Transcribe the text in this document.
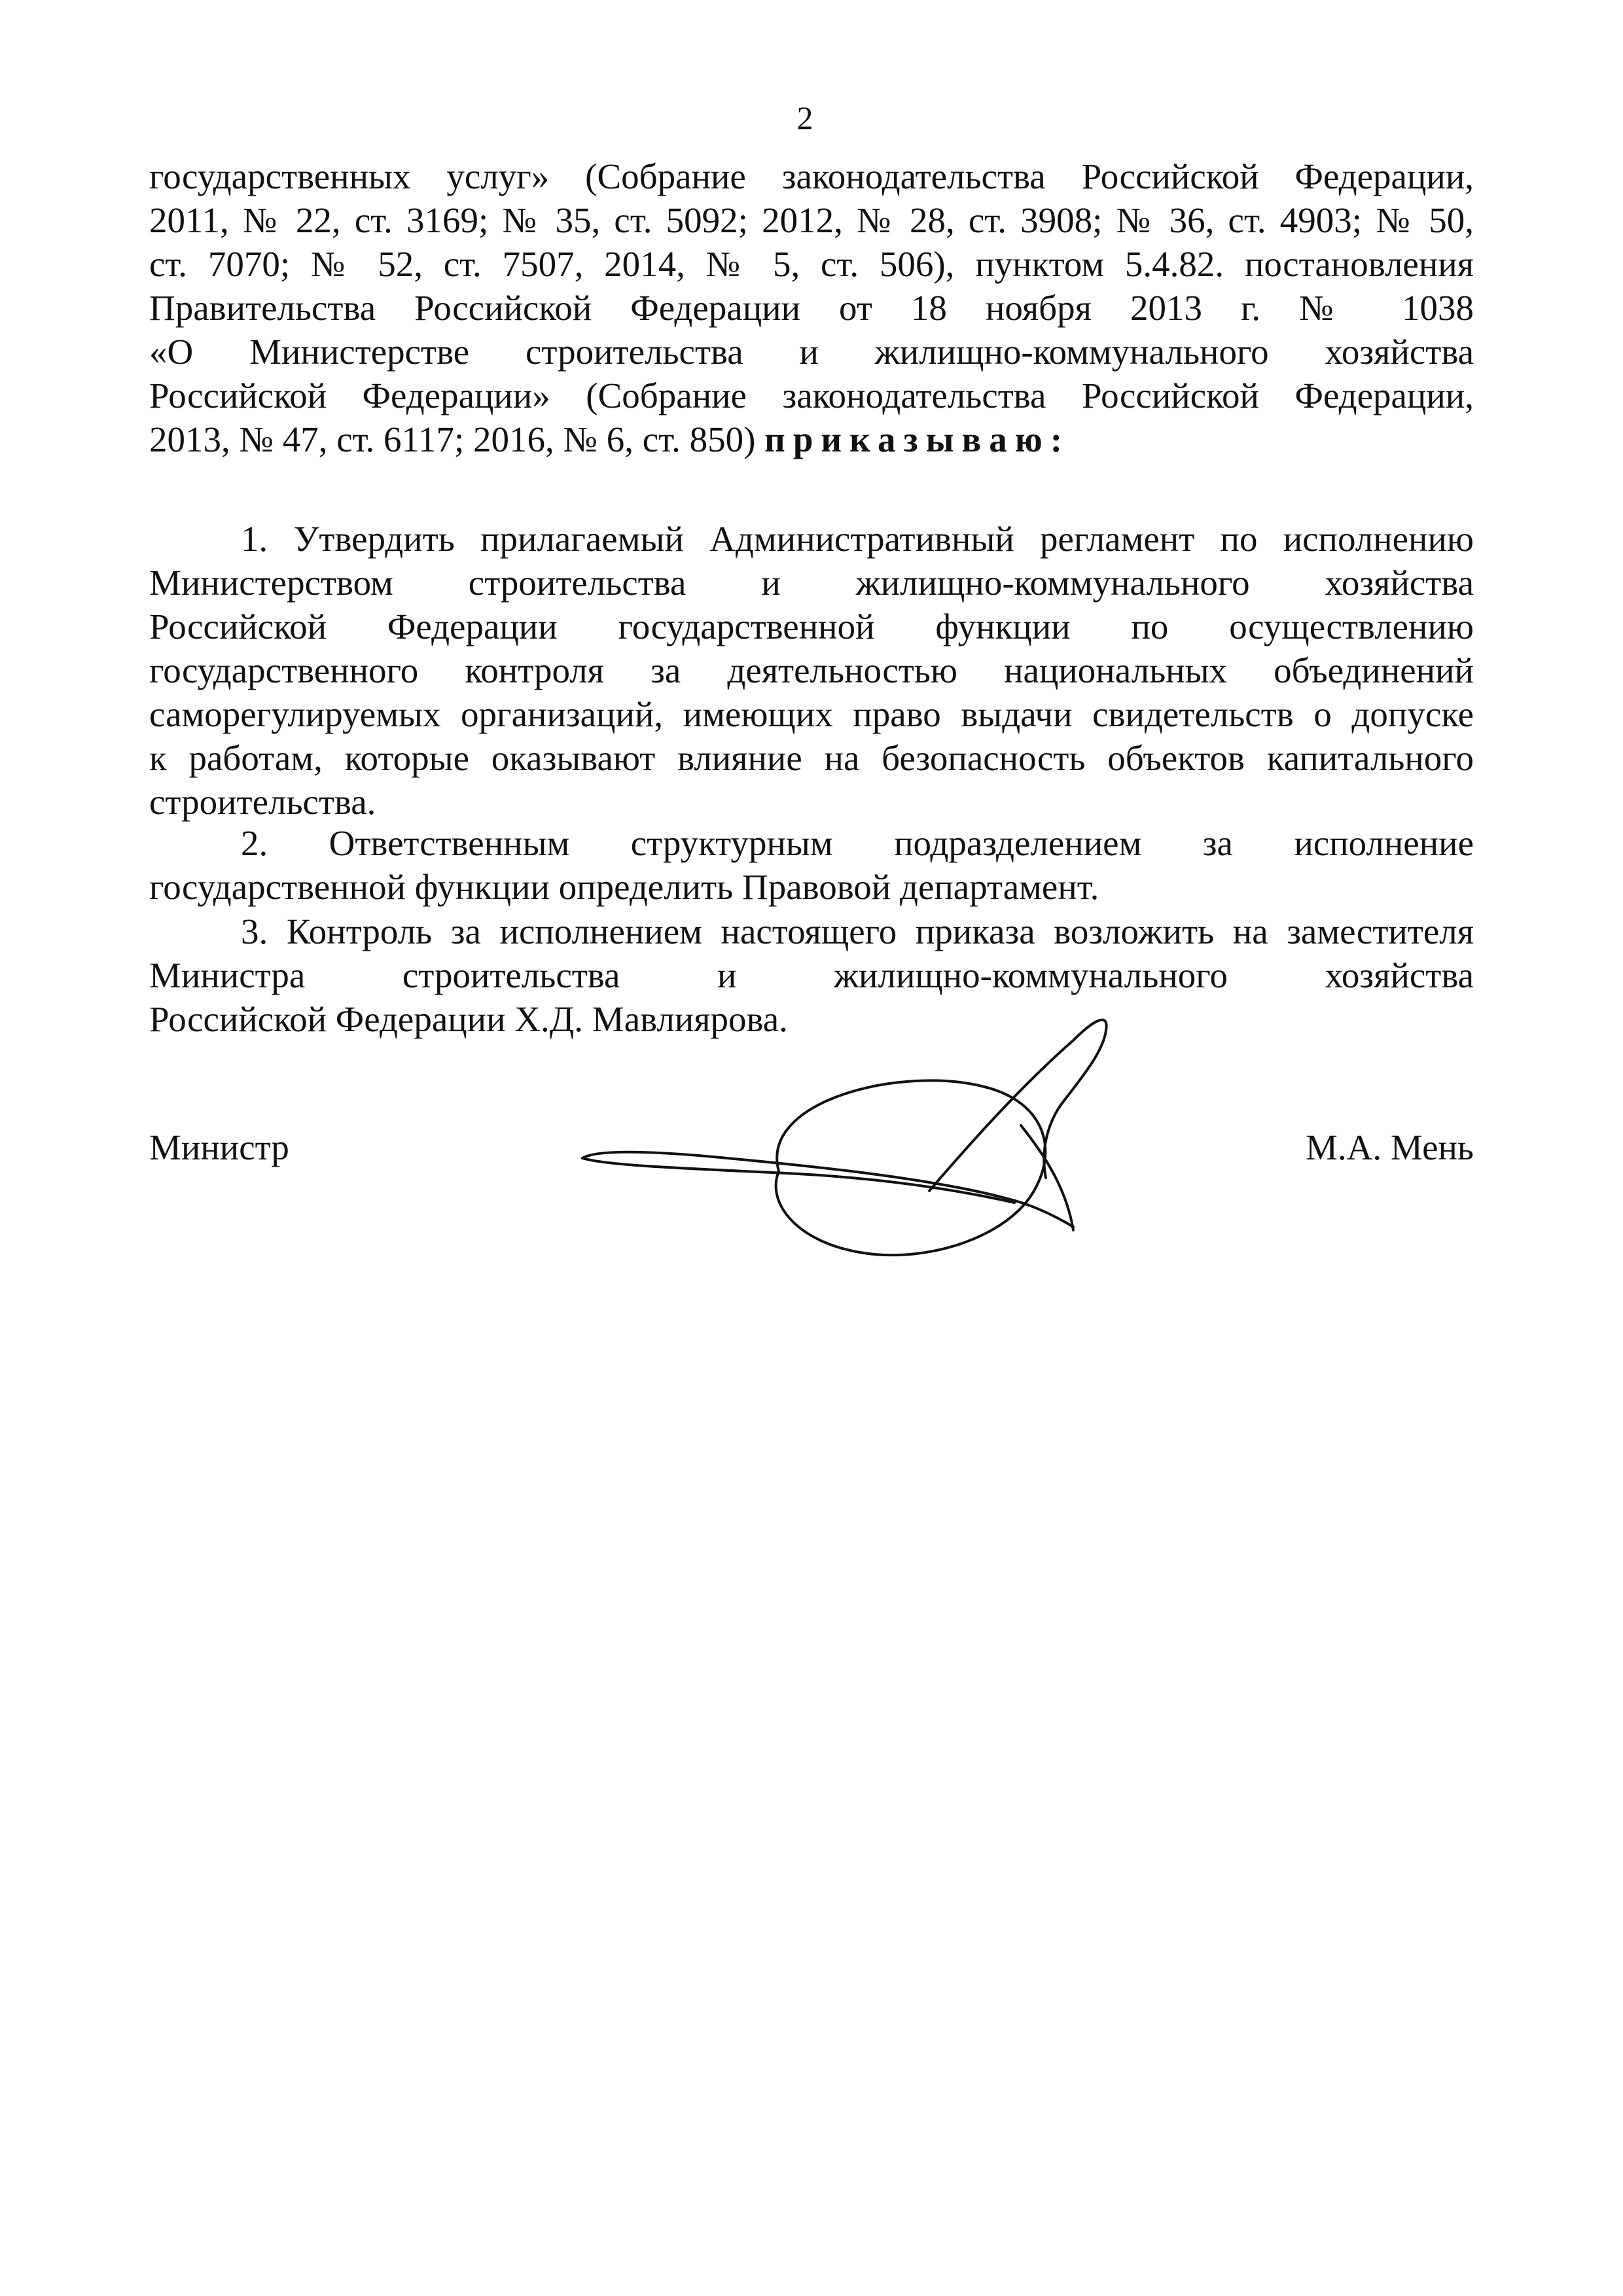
2
государственных услуг» (Собрание законодательства Российской Федерации,
2011, № 22, ст. 3169; № 35, ст. 5092; 2012, № 28, ст. 3908; № 36, ст. 4903; № 50,
ст. 7070; № 52, ст. 7507, 2014, № 5, ст. 506), пунктом 5.4.82. постановления
Правительства Российской Федерации от 18 ноября 2013 г. № 1038
«О Министерстве строительства и жилищно-коммунального хозяйства
Российской Федерации» (Собрание законодательства Российской Федерации,
2013, № 47, ст. 6117; 2016, № 6, ст. 850) приказываю:
1. Утвердить прилагаемый Административный регламент по исполнению
Министерством строительства и жилищно-коммунального хозяйства
Российской Федерации государственной функции по осуществлению
государственного контроля за деятельностью национальных объединений
саморегулируемых организаций, имеющих право выдачи свидетельств о допуске
к работам, которые оказывают влияние на безопасность объектов капитального
строительства.
2. Ответственным структурным подразделением за исполнение
государственной функции определить Правовой департамент.
3. Контроль за исполнением настоящего приказа возложить на заместителя
Министра строительства и жилищно-коммунального хозяйства
Российской Федерации Х.Д. Мавлиярова.
Министр	М.А. Мень
